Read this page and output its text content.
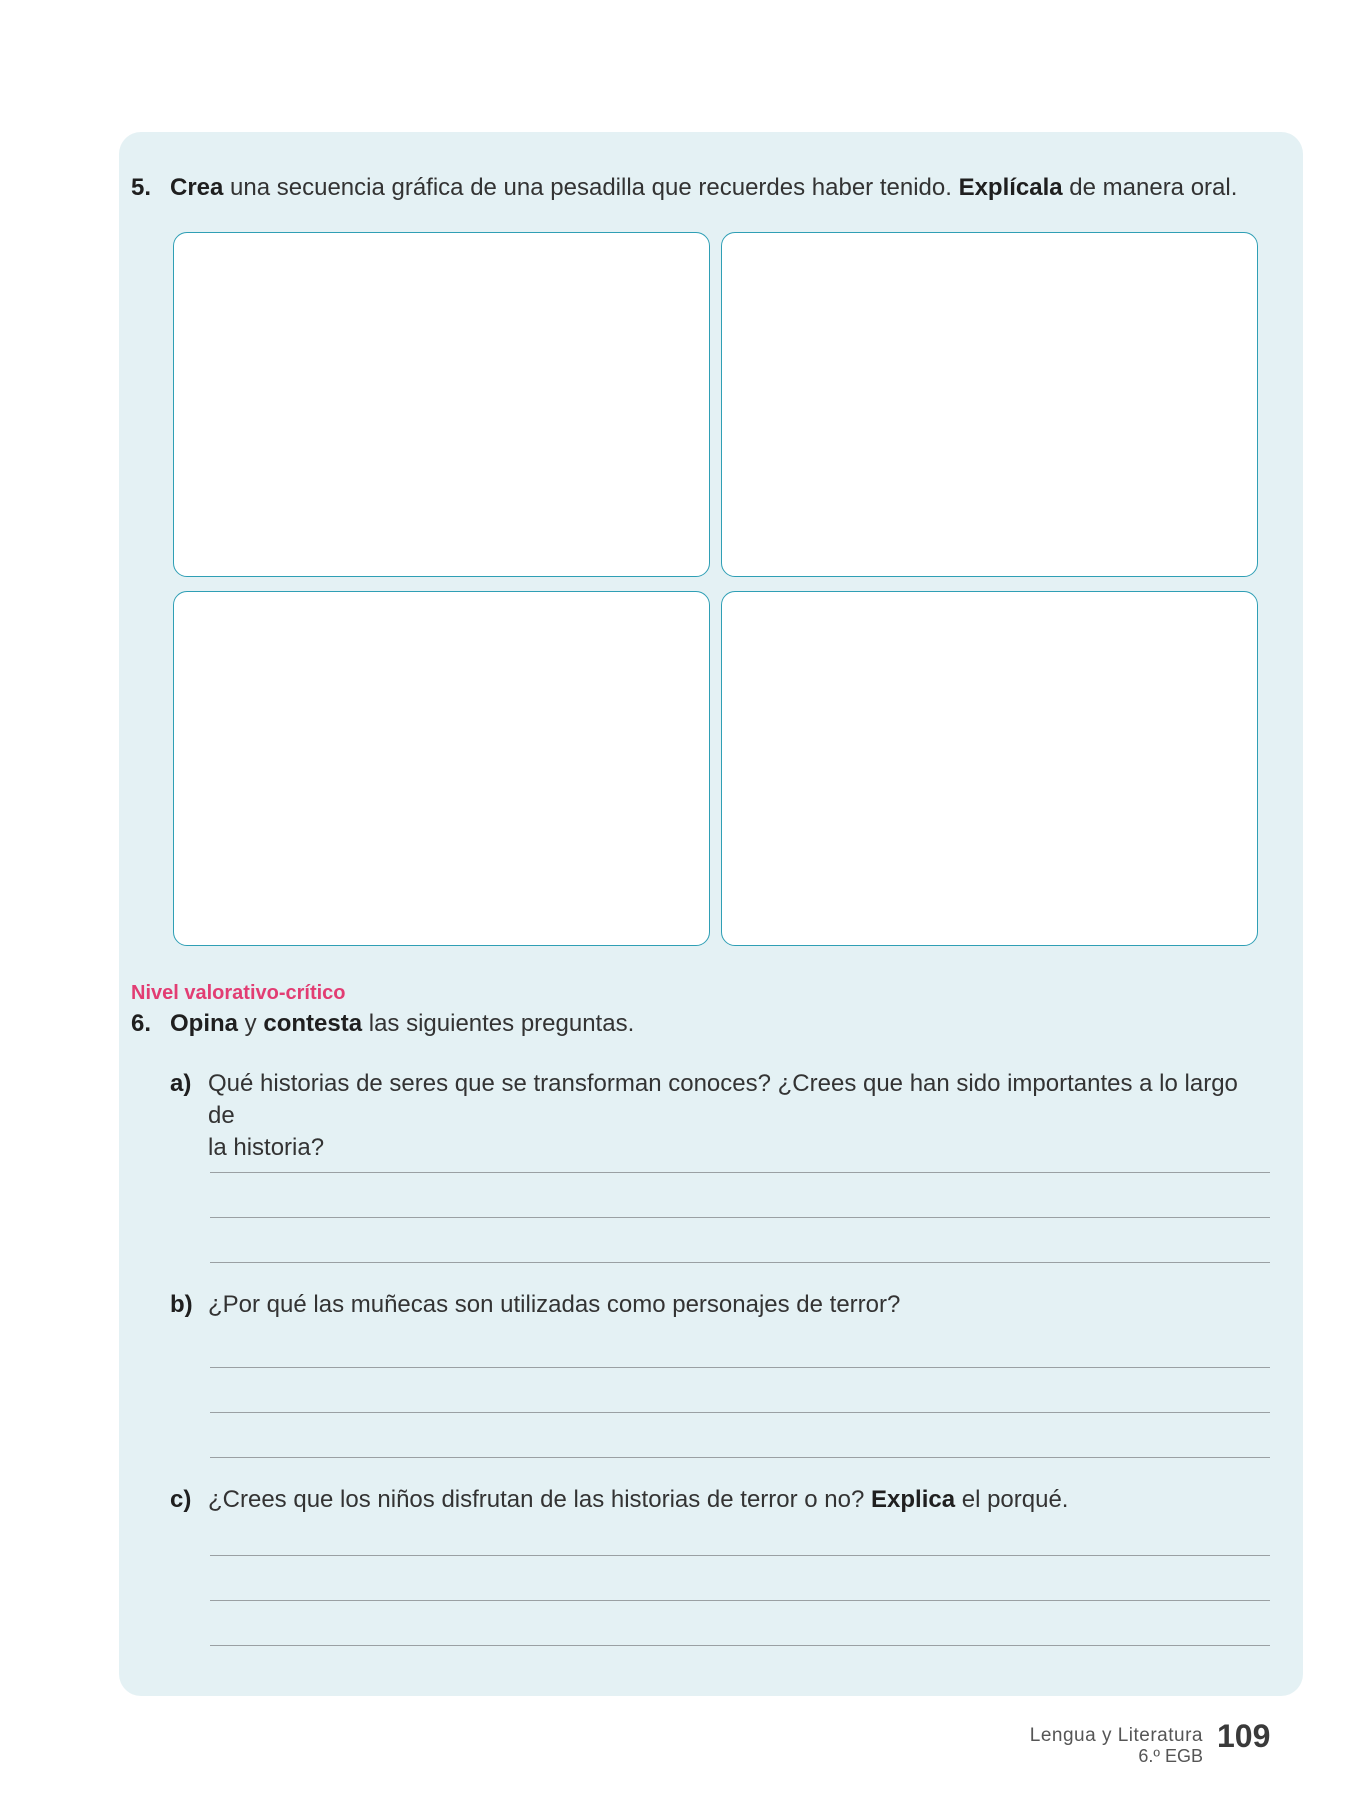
5. Crea una secuencia gráfica de una pesadilla que recuerdes haber tenido. Explícala de manera oral.
Nivel valorativo-crítico
6. Opina y contesta las siguientes preguntas.
a) Qué historias de seres que se transforman conoces? ¿Crees que han sido importantes a lo largo de
la historia?
b) ¿Por qué las muñecas son utilizadas como personajes de terror?
c) ¿Crees que los niños disfrutan de las historias de terror o no? Explica el porqué.
Lengua y Literatura
6.º EGB
109
